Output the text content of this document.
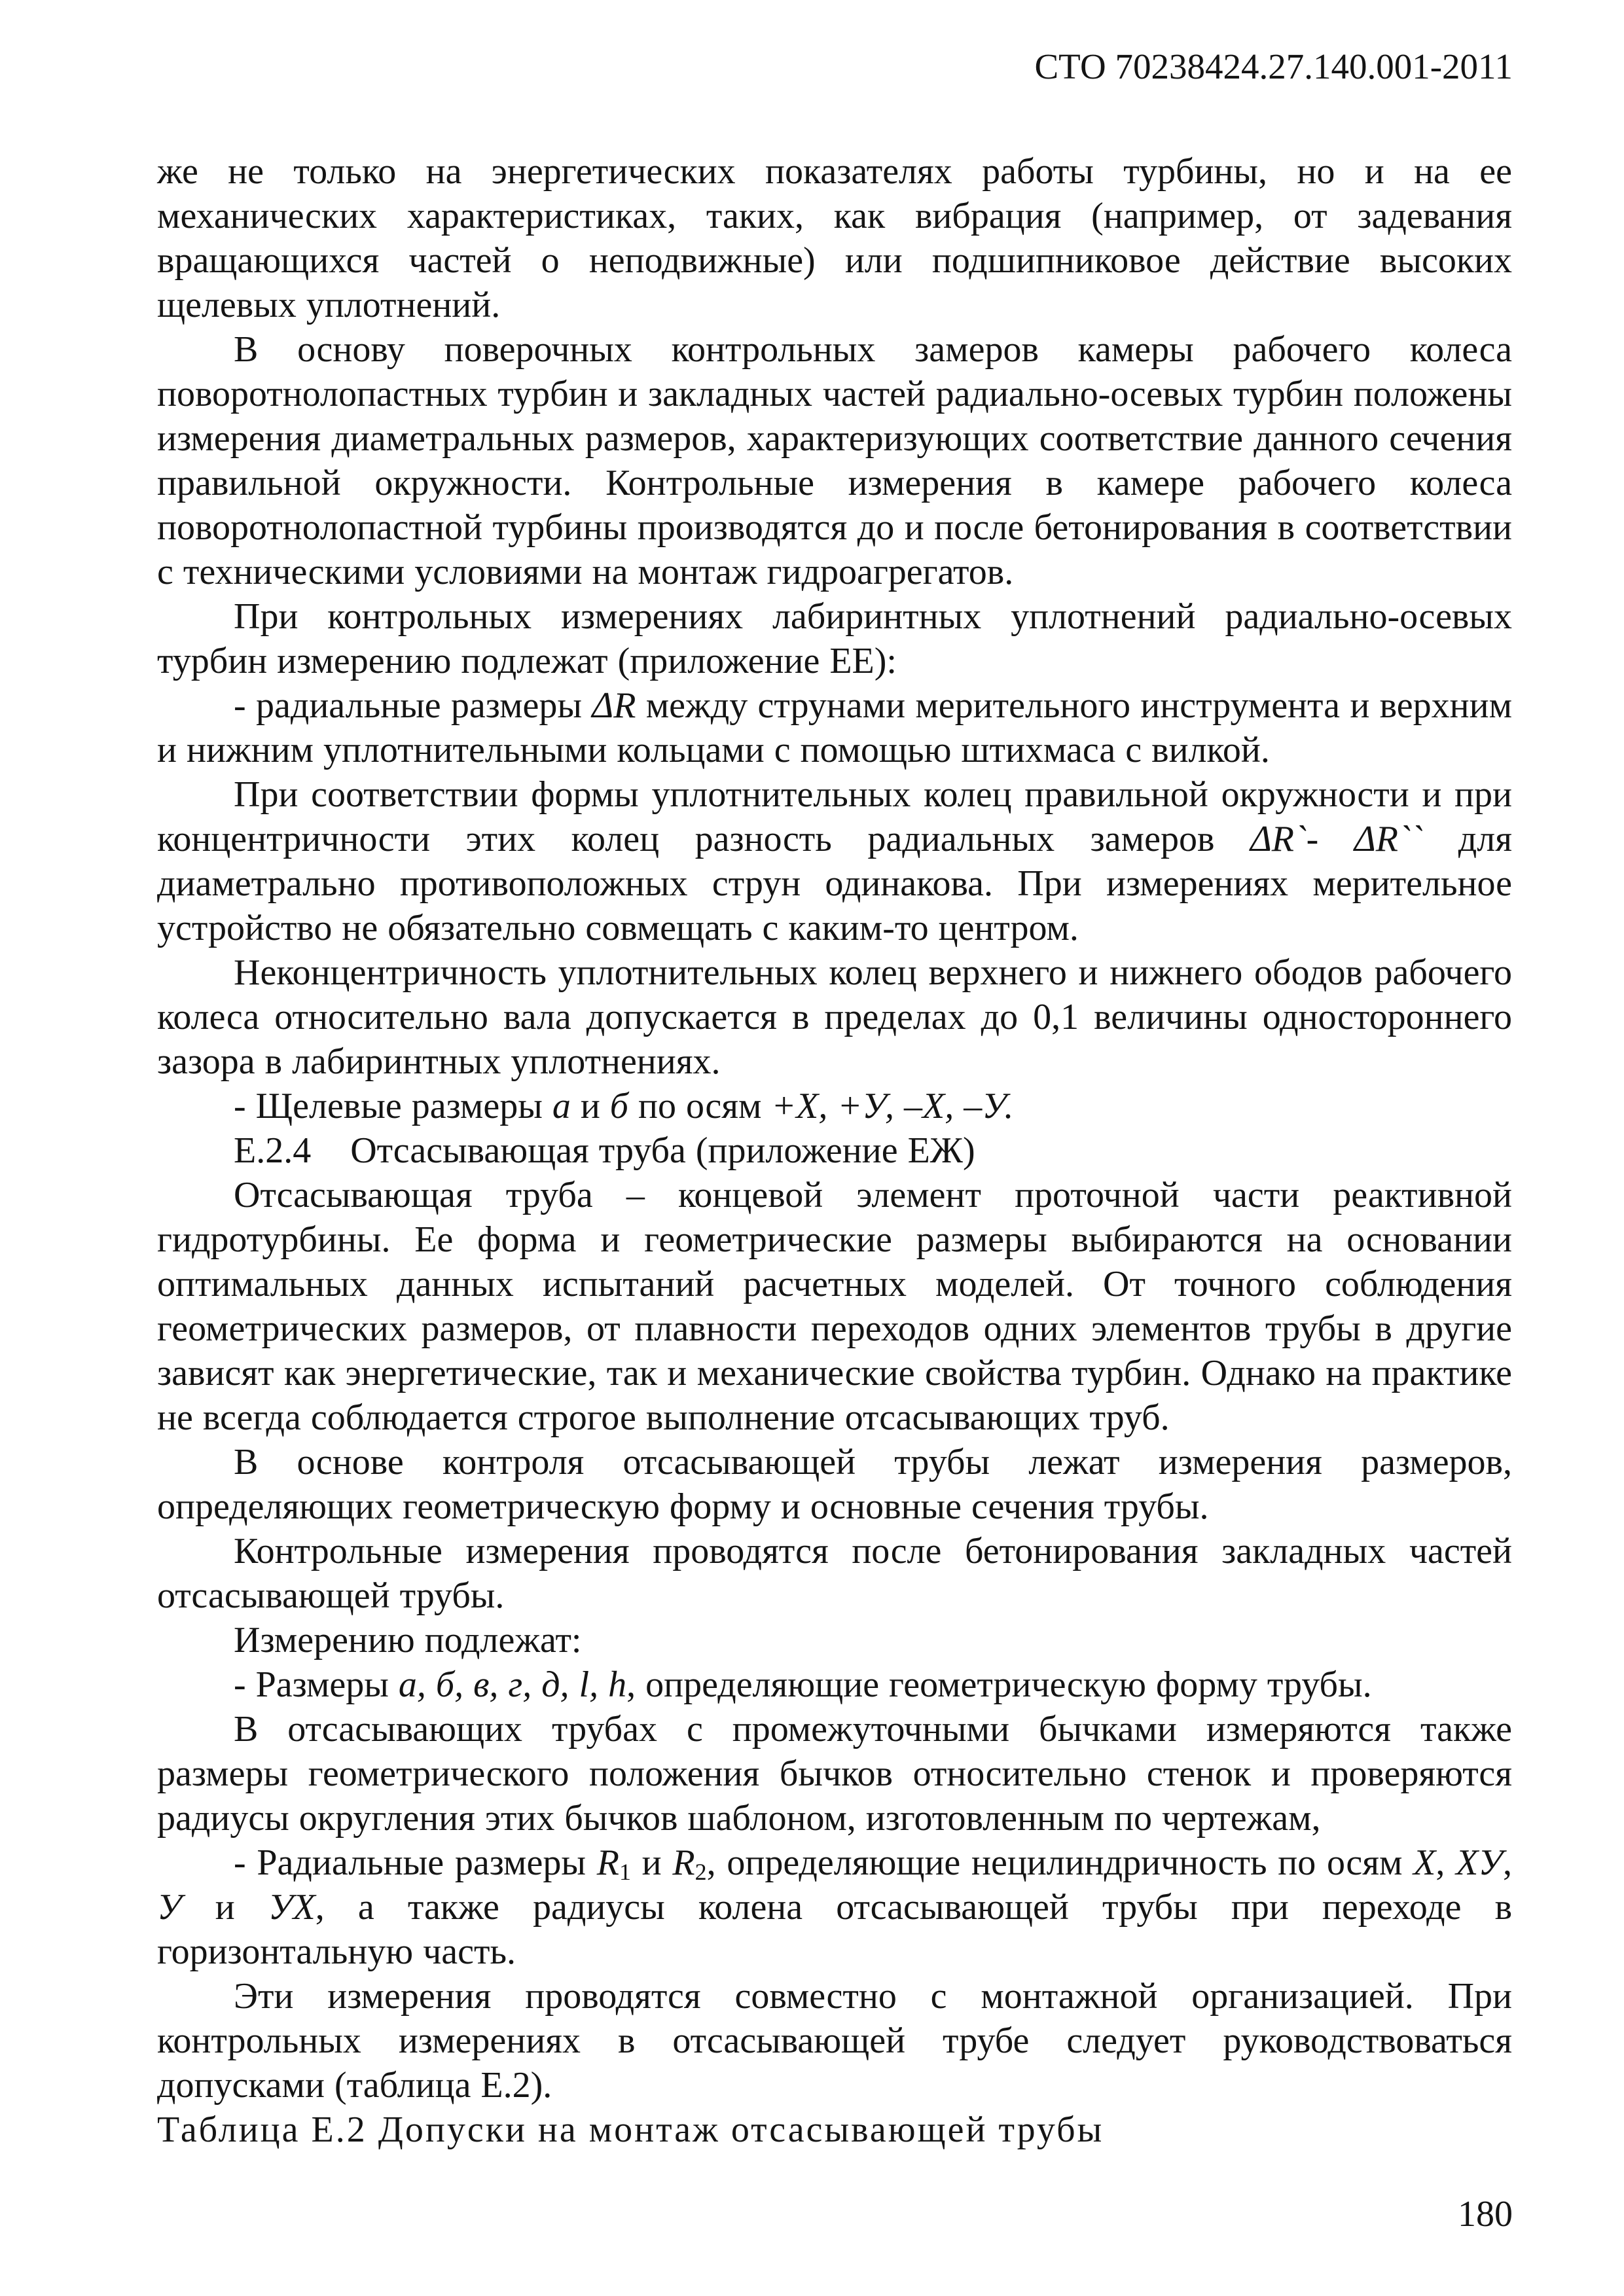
СТО 70238424.27.140.001-2011

же не только на энергетических показателях работы турбины, но и на ее механических характеристиках, таких, как вибрация (например, от задевания вращающихся частей о неподвижные) или подшипниковое действие высоких щелевых уплотнений.

В основу поверочных контрольных замеров камеры рабочего колеса поворотнолопастных турбин и закладных частей радиально-осевых турбин положены измерения диаметральных размеров, характеризующих соответствие данного сечения правильной окружности. Контрольные измерения в камере рабочего колеса поворотнолопастной турбины производятся до и после бетонирования в соответствии с техническими условиями на монтаж гидроагрегатов.

При контрольных измерениях лабиринтных уплотнений радиально-осевых турбин измерению подлежат (приложение ЕЕ):

- радиальные размеры ΔR между струнами мерительного инструмента и верхним и нижним уплотнительными кольцами с помощью штихмаса с вилкой.

При соответствии формы уплотнительных колец правильной окружности и при концентричности этих колец разность радиальных замеров ΔR`- ΔR`` для диаметрально противоположных струн одинакова. При измерениях мерительное устройство не обязательно совмещать с каким-то центром.

Неконцентричность уплотнительных колец верхнего и нижнего ободов рабочего колеса относительно вала допускается в пределах до 0,1 величины одностороннего зазора в лабиринтных уплотнениях.

- Щелевые размеры а и б по осям +Х, +У, –Х, –У.

Е.2.4    Отсасывающая труба (приложение ЕЖ)

Отсасывающая труба – концевой элемент проточной части реактивной гидротурбины. Ее форма и геометрические размеры выбираются на основании оптимальных данных испытаний расчетных моделей. От точного соблюдения геометрических размеров, от плавности переходов одних элементов трубы в другие зависят как энергетические, так и механические свойства турбин. Однако на практике не всегда соблюдается строгое выполнение отсасывающих труб.

В основе контроля отсасывающей трубы лежат измерения размеров, определяющих геометрическую форму и основные сечения трубы.

Контрольные измерения проводятся после бетонирования закладных частей отсасывающей трубы.

Измерению подлежат:

- Размеры а, б, в, г, д, l, h, определяющие геометрическую форму трубы.

В отсасывающих трубах с промежуточными бычками измеряются также размеры геометрического положения бычков относительно стенок и проверяются радиусы округления этих бычков шаблоном, изготовленным по чертежам,

- Радиальные размеры $R_1$ и $R_2$, определяющие нецилиндричность по осям Х, ХУ, У и УХ, а также радиусы колена отсасывающей трубы при переходе в горизонтальную часть.

Эти измерения проводятся совместно с монтажной организацией. При контрольных измерениях в отсасывающей трубе следует руководствоваться допусками (таблица Е.2).

Таблица Е.2 Допуски на монтаж отсасывающей трубы

180
